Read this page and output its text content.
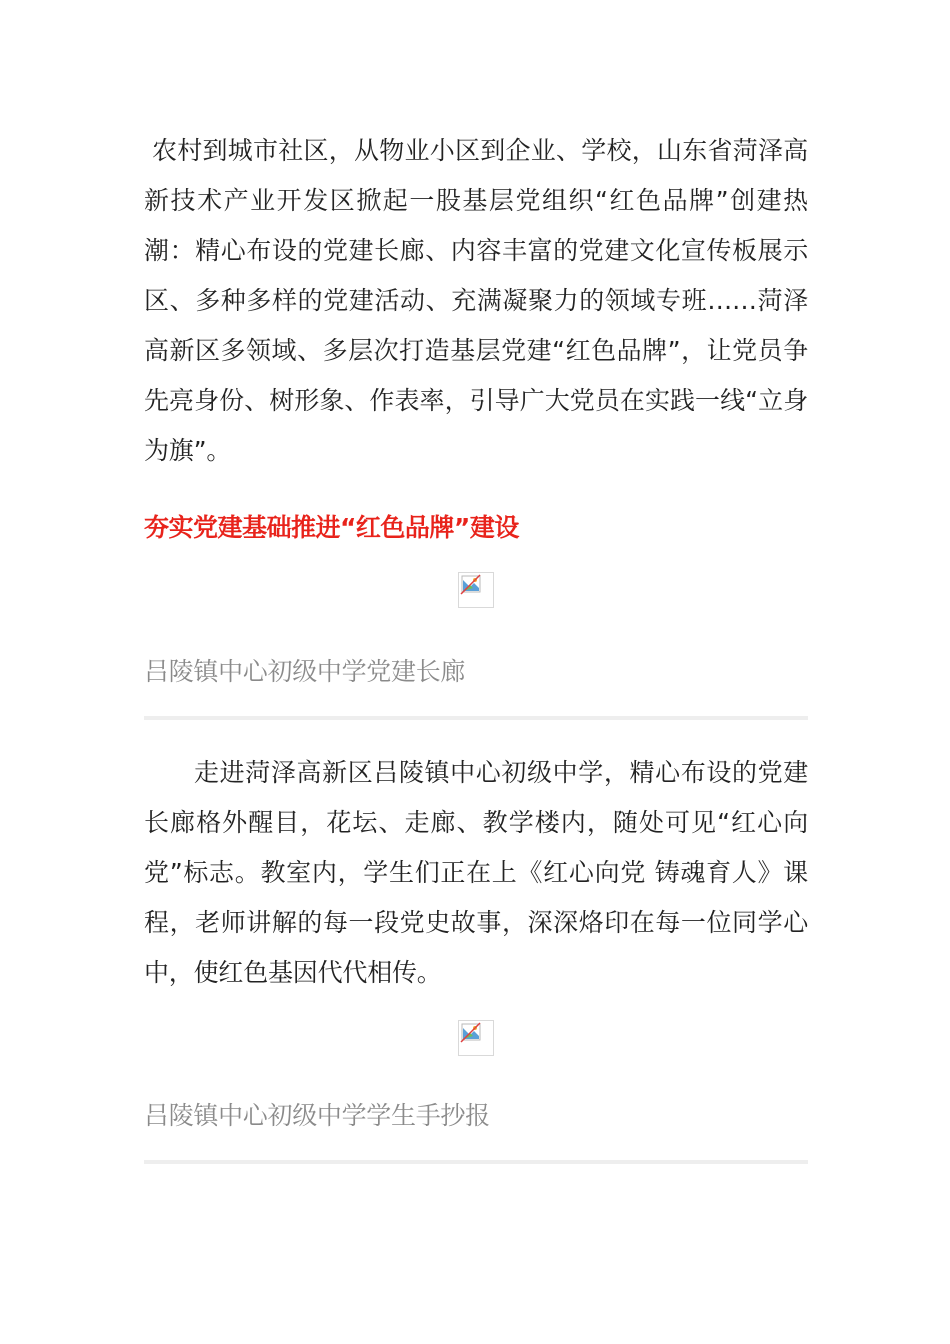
农村到城市社区，从物业小区到企业、学校，山东省菏泽高新技术产业开发区掀起一股基层党组织“红色品牌”创建热潮：精心布设的党建长廊、内容丰富的党建文化宣传板展示区、多种多样的党建活动、充满凝聚力的领域专班……菏泽高新区多领域、多层次打造基层党建“红色品牌”，让党员争先亮身份、树形象、作表率，引导广大党员在实践一线“立身为旗”。

夯实党建基础推进“红色品牌”建设

吕陵镇中心初级中学党建长廊

走进菏泽高新区吕陵镇中心初级中学，精心布设的党建长廊格外醒目，花坛、走廊、教学楼内，随处可见“红心向党”标志。教室内，学生们正在上《红心向党 铸魂育人》课程，老师讲解的每一段党史故事，深深烙印在每一位同学心中，使红色基因代代相传。

吕陵镇中心初级中学学生手抄报
